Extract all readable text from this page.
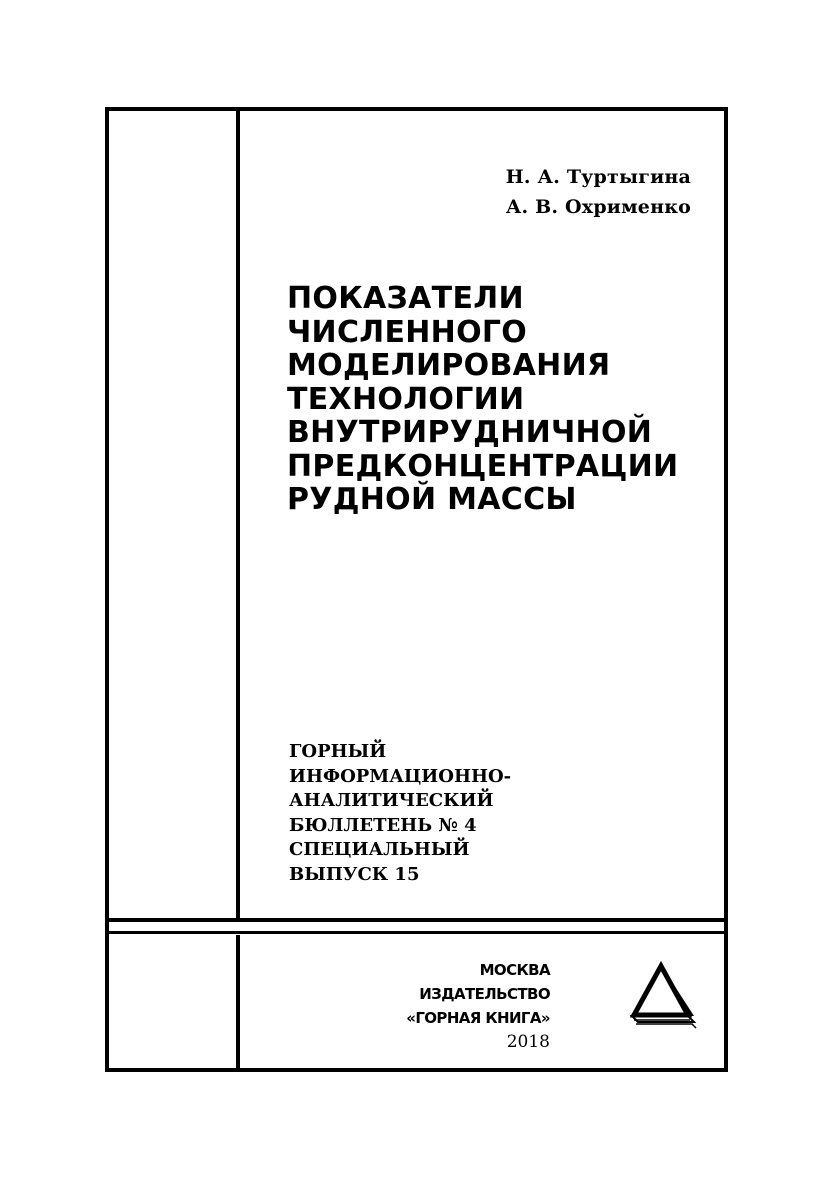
Н. А. Туртыгина
А. В. Охрименко
ПОКАЗАТЕЛИ
ЧИСЛЕННОГО
МОДЕЛИРОВАНИЯ
ТЕХНОЛОГИИ
ВНУТРИРУДНИЧНОЙ
ПРЕДКОНЦЕНТРАЦИИ
РУДНОЙ МАССЫ
ГОРНЫЙ
ИНФОРМАЦИОННО-
АНАЛИТИЧЕСКИЙ
БЮЛЛЕТЕНЬ № 4
СПЕЦИАЛЬНЫЙ
ВЫПУСК 15
МОСКВА
ИЗДАТЕЛЬСТВО
«ГОРНАЯ КНИГА»
2018
